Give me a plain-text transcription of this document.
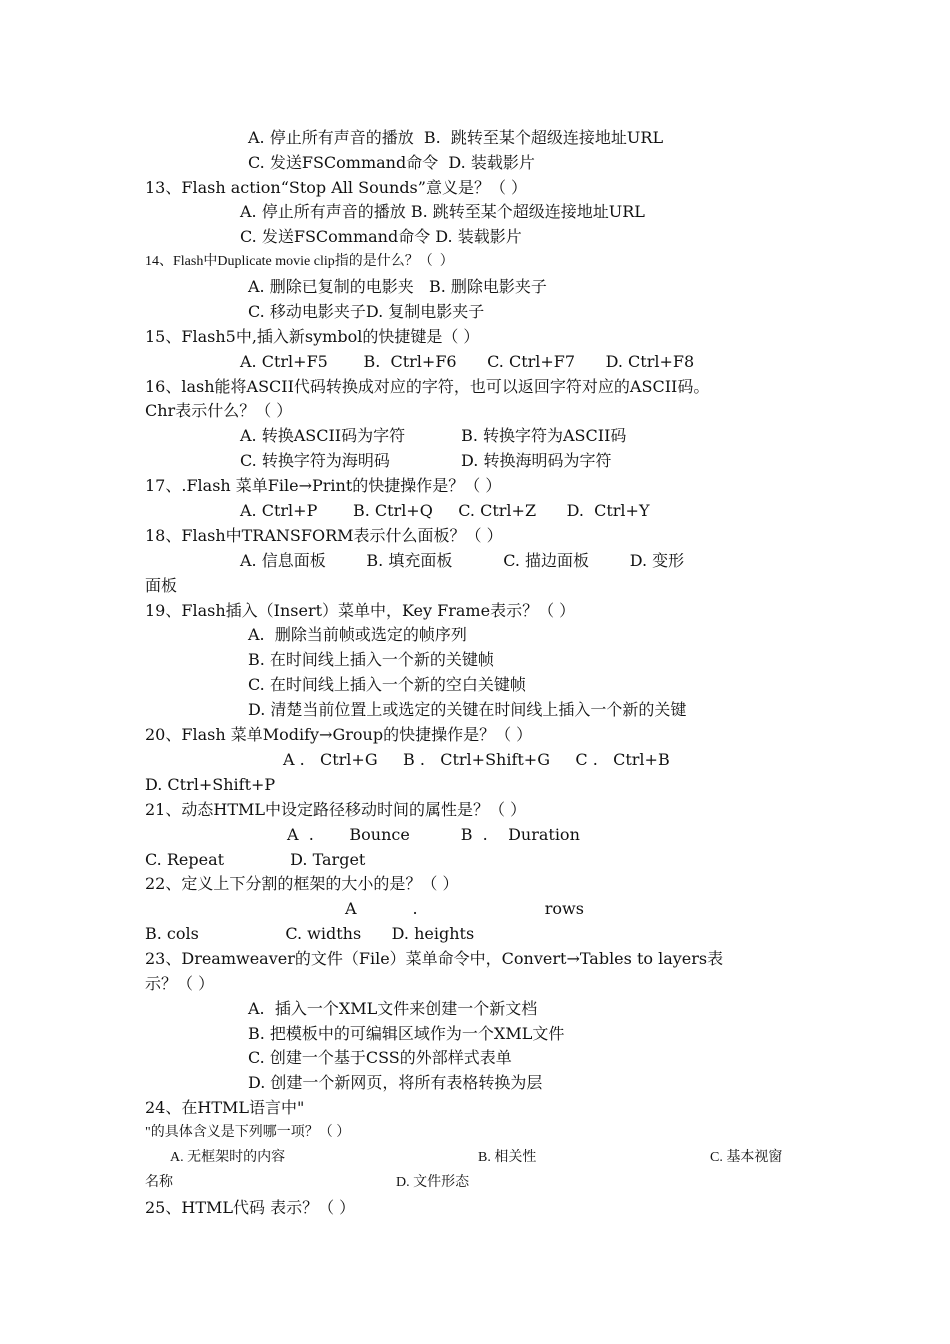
A. 停止所有声音的播放  B.  跳转至某个超级连接地址URL

C. 发送FSCommand命令  D. 装载影片

13、Flash action“Stop All Sounds”意义是？（ ）

A. 停止所有声音的播放 B. 跳转至某个超级连接地址URL

C. 发送FSCommand命令 D. 装载影片

14、Flash中Duplicate movie clip指的是什么？（  ）

A. 删除已复制的电影夹   B. 删除电影夹子

C. 移动电影夹子D. 复制电影夹子

15、Flash5中,插入新symbol的快捷键是（ ）

A. Ctrl+F5       B.  Ctrl+F6      C. Ctrl+F7      D. Ctrl+F8

16、lash能将ASCII代码转换成对应的字符，也可以返回字符对应的ASCII码。

Chr表示什么？（ ）

A. 转换ASCII码为字符           B. 转换字符为ASCII码

C. 转换字符为海明码              D. 转换海明码为字符

17、.Flash 菜单File→Print的快捷操作是？（ ）

A. Ctrl+P       B. Ctrl+Q     C. Ctrl+Z      D.  Ctrl+Y

18、Flash中TRANSFORM表示什么面板？（ ）

A. 信息面板        B. 填充面板          C. 描边面板        D. 变形

面板

19、Flash插入（Insert）菜单中，Key Frame表示？（ ）

A.  删除当前帧或选定的帧序列

B. 在时间线上插入一个新的关键帧

C. 在时间线上插入一个新的空白关键帧

D. 清楚当前位置上或选定的关键在时间线上插入一个新的关键

20、Flash 菜单Modify→Group的快捷操作是？（ ）

A .   Ctrl+G     B .   Ctrl+Shift+G     C .   Ctrl+B

D. Ctrl+Shift+P

21、动态HTML中设定路径移动时间的属性是？（ ）

A  .       Bounce          B  .    Duration

C. Repeat             D. Target

22、定义上下分割的框架的大小的是？（ ）

A           .                         rows

B. cols                 C. widths      D. heights

23、Dreamweaver的文件（File）菜单命令中，Convert→Tables to layers表

示？（ ）

A.  插入一个XML文件来创建一个新文档

B. 把模板中的可编辑区域作为一个XML文件

C. 创建一个基于CSS的外部样式表单

D. 创建一个新网页，将所有表格转换为层

24、在HTML语言中"

"的具体含义是下列哪一项？（ ）

A. 无框架时的内容	B. 相关性	C. 基本视窗

名称	D. 文件形态

25、HTML代码 表示？（ ）
